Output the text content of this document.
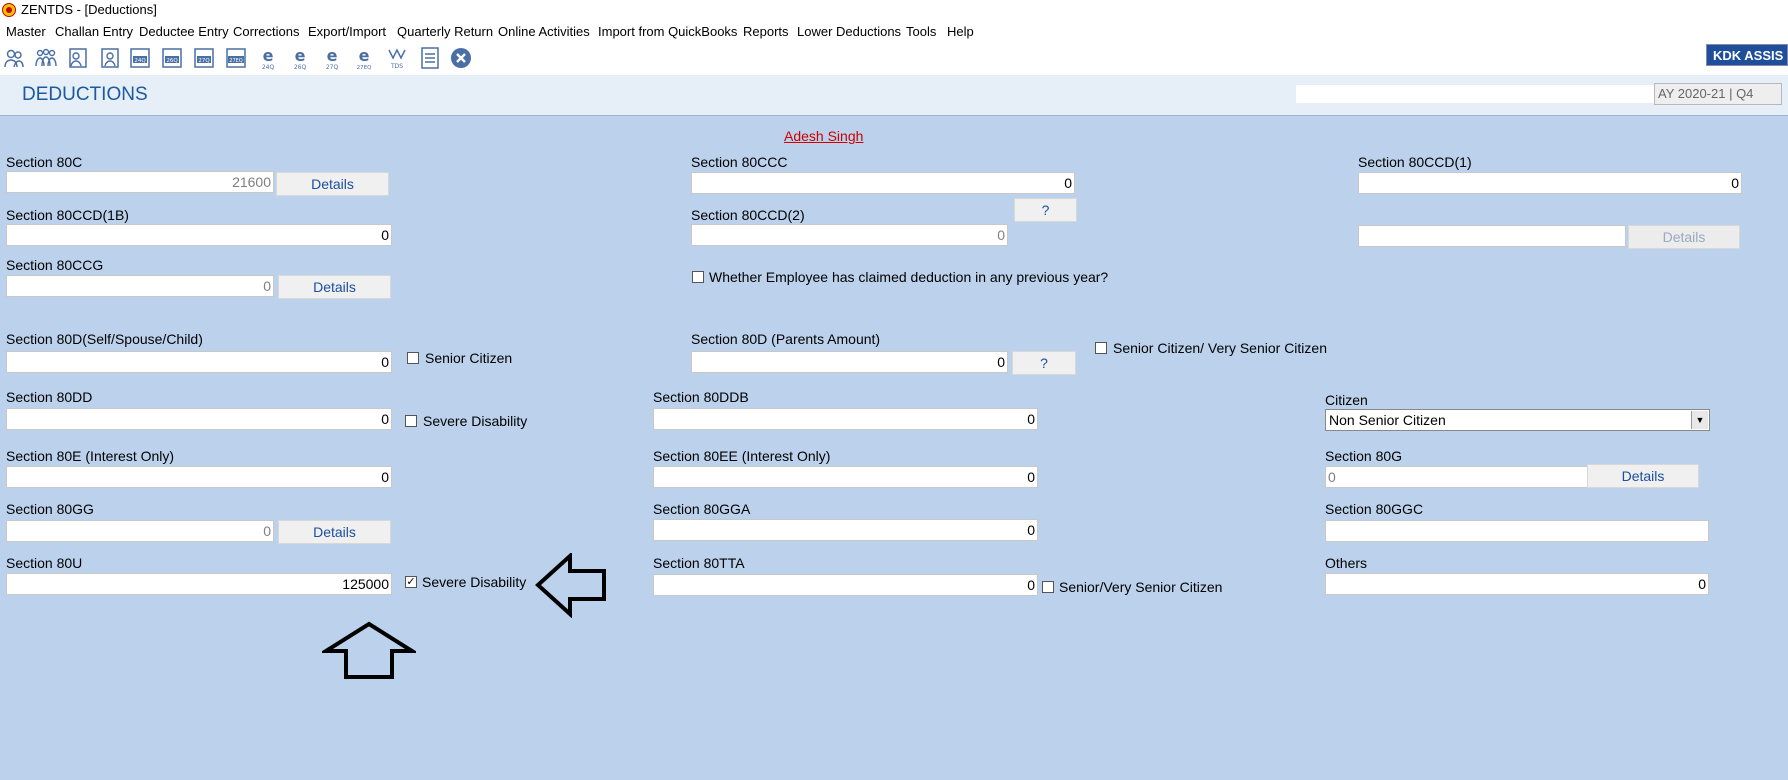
ZENTDS - [Deductions]
Master Challan Entry Deductee Entry Corrections Export/Import Quarterly Return Online Activities Import from QuickBooks Reports Lower Deductions Tools Help
24Q	26Q	27Q	27EQ e
24Q
e
26Q
e
27Q
e
27EQ	TDS
KDK ASSIS
DEDUCTIONS	AY 2020-21 | Q4
Adesh Singh
Section 80C
21600
Details
Section 80CCC
0	Section 80CCD(1)
0
Section 80CCD(1B)
0	?
Section 80CCD(2)
0
Details
Section 80CCG
0
Details
Whether Employee has claimed deduction in any previous year?
Section 80D(Self/Spouse/Child)
0
Senior Citizen
Section 80D (Parents Amount)
0
?
Senior Citizen/ Very Senior Citizen
Section 80DD
0
Severe Disability
Section 80DDB
0	Citizen
Non Senior Citizen	▼
Section 80E (Interest Only)
0	Section 80EE (Interest Only)
0	Section 80G
0
Details
Section 80GG
0
Details
Section 80GGA
0	Section 80GGC
Section 80U
125000
✓ Severe Disability
Section 80TTA
0
Senior/Very Senior Citizen
Others
0
